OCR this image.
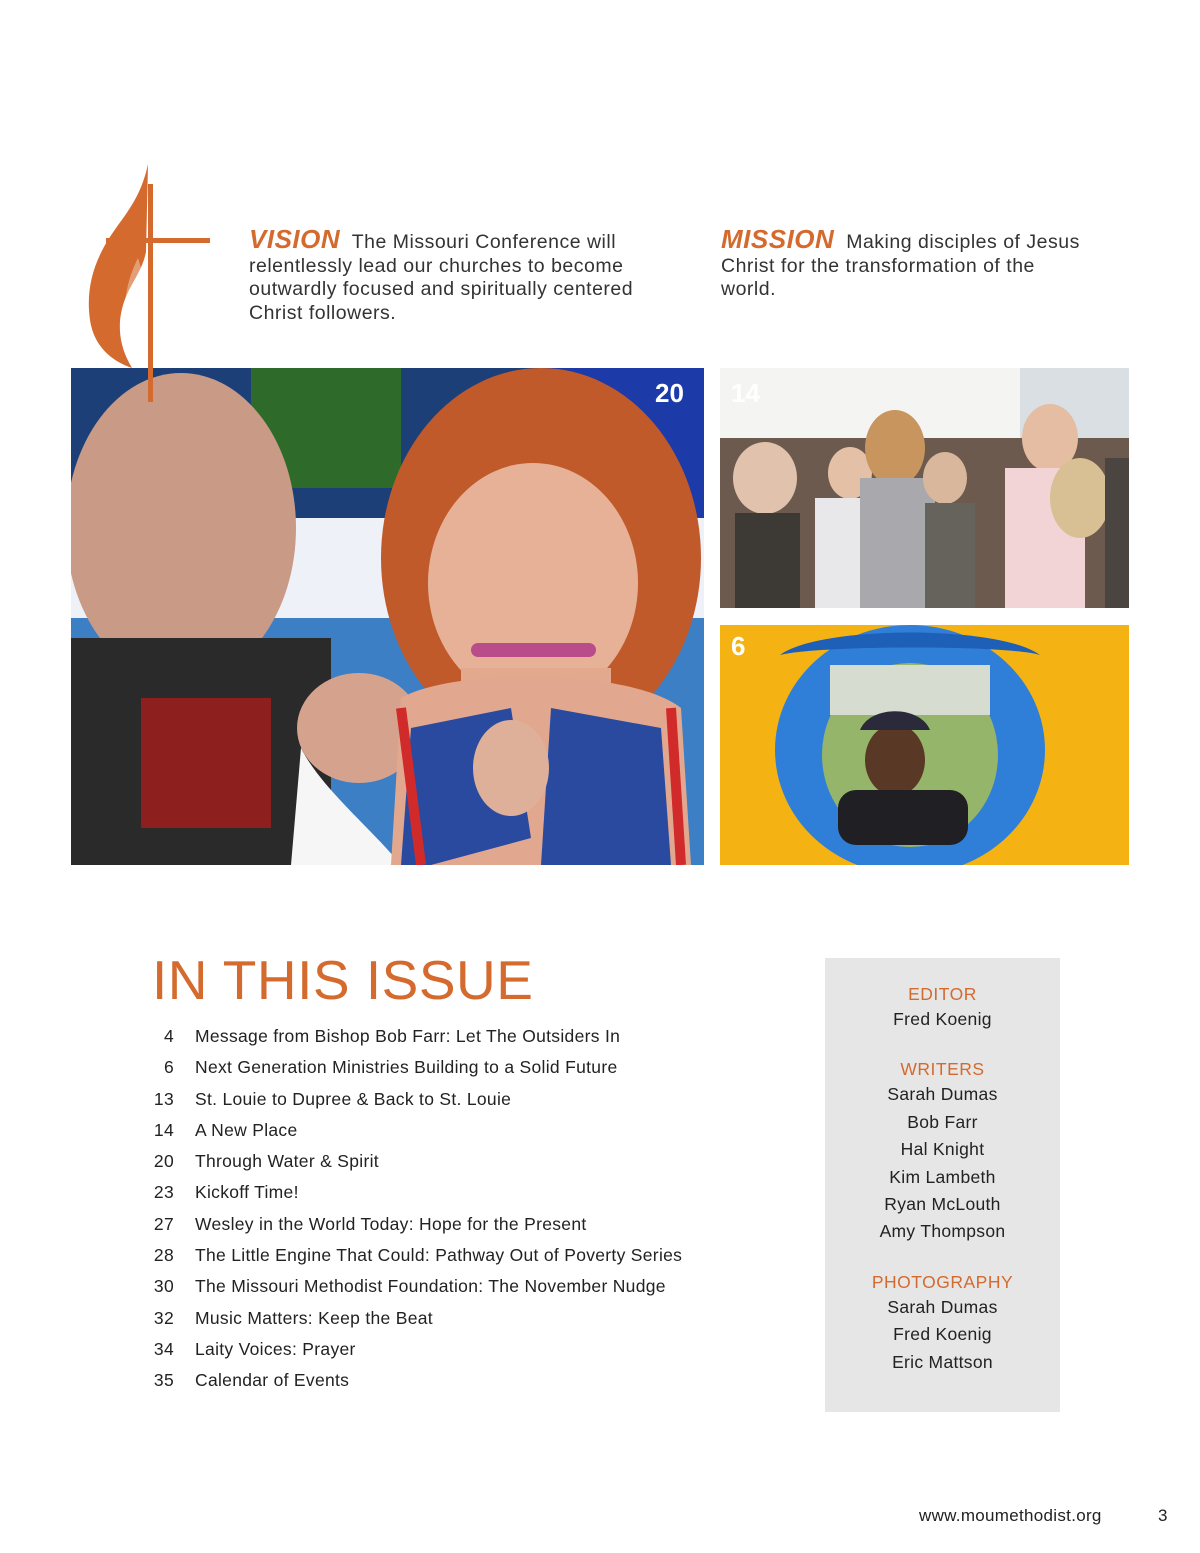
VISION The Missouri Conference will relentlessly lead our churches to become outwardly focused and spiritually centered Christ followers.
MISSION Making disciples of Jesus Christ for the transformation of the world.
20 14
6
IN THIS ISSUE
4 Message from Bishop Bob Farr: Let The Outsiders In
6 Next Generation Ministries Building to a Solid Future
13 St. Louie to Dupree & Back to St. Louie
14 A New Place
20 Through Water & Spirit
23 Kickoff Time!
27 Wesley in the World Today: Hope for the Present
28 The Little Engine That Could: Pathway Out of Poverty Series
30 The Missouri Methodist Foundation: The November Nudge
32 Music Matters: Keep the Beat
34 Laity Voices: Prayer
35 Calendar of Events
EDITOR
Fred Koenig
WRITERS
Sarah Dumas
Bob Farr
Hal Knight
Kim Lambeth
Ryan McLouth
Amy Thompson
PHOTOGRAPHY
Sarah Dumas
Fred Koenig
Eric Mattson
www.moumethodist.org	3
